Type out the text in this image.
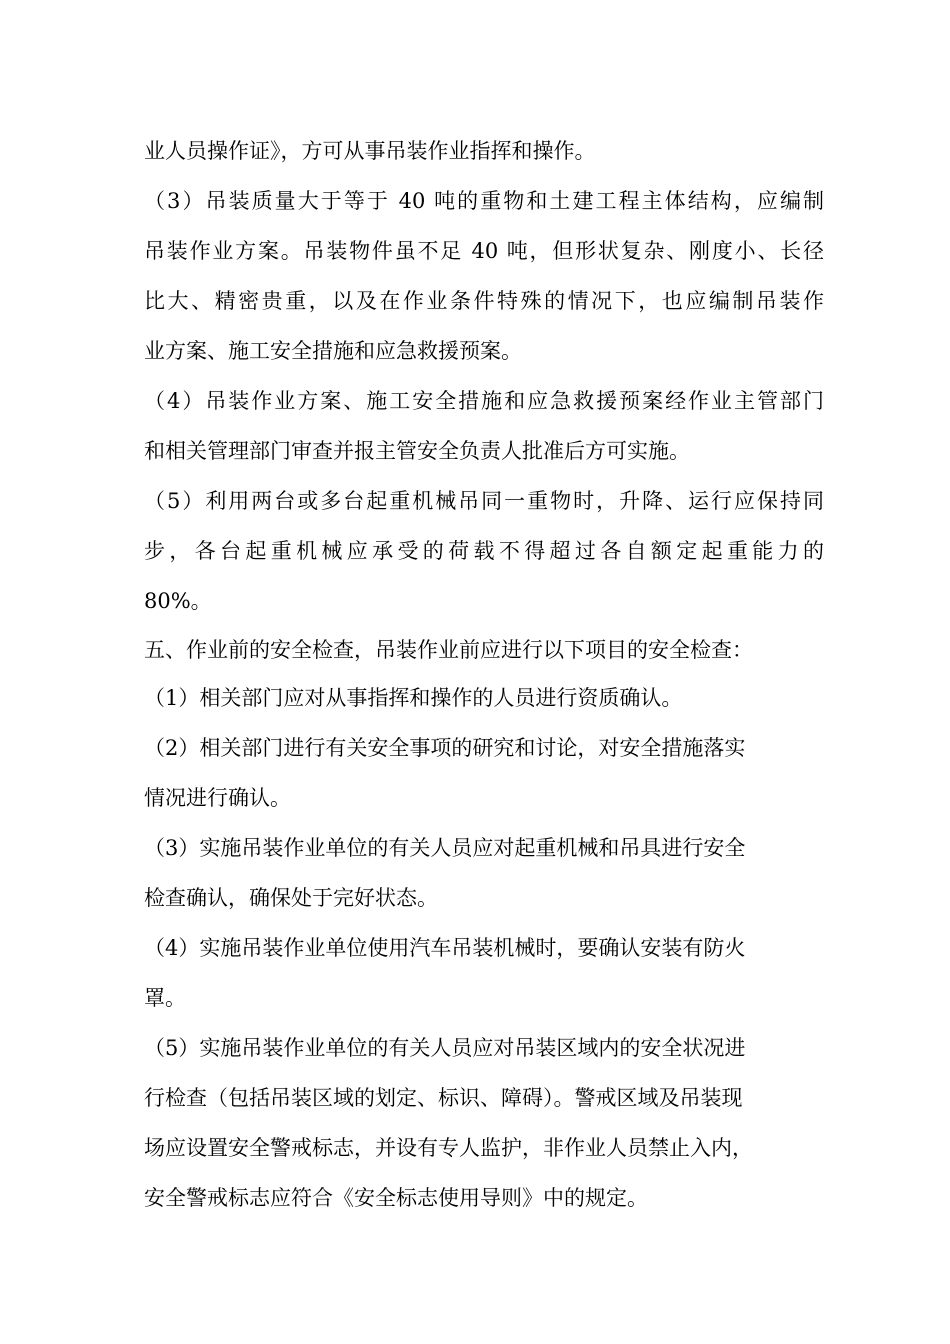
业人员操作证》，方可从事吊装作业指挥和操作。
（3）吊装质量大于等于 40 吨的重物和土建工程主体结构，应编制
吊装作业方案。吊装物件虽不足 40 吨，但形状复杂、刚度小、长径
比大、精密贵重，以及在作业条件特殊的情况下，也应编制吊装作
业方案、施工安全措施和应急救援预案。
（4）吊装作业方案、施工安全措施和应急救援预案经作业主管部门
和相关管理部门审查并报主管安全负责人批准后方可实施。
（5）利用两台或多台起重机械吊同一重物时，升降、运行应保持同
步，各台起重机械应承受的荷载不得超过各自额定起重能力的
80%。
五、作业前的安全检查，吊装作业前应进行以下项目的安全检查：
（1）相关部门应对从事指挥和操作的人员进行资质确认。
（2）相关部门进行有关安全事项的研究和讨论，对安全措施落实
情况进行确认。
（3）实施吊装作业单位的有关人员应对起重机械和吊具进行安全
检查确认，确保处于完好状态。
（4）实施吊装作业单位使用汽车吊装机械时，要确认安装有防火
罩。
（5）实施吊装作业单位的有关人员应对吊装区域内的安全状况进
行检查（包括吊装区域的划定、标识、障碍）。警戒区域及吊装现
场应设置安全警戒标志，并设有专人监护，非作业人员禁止入内，
安全警戒标志应符合《安全标志使用导则》中的规定。
